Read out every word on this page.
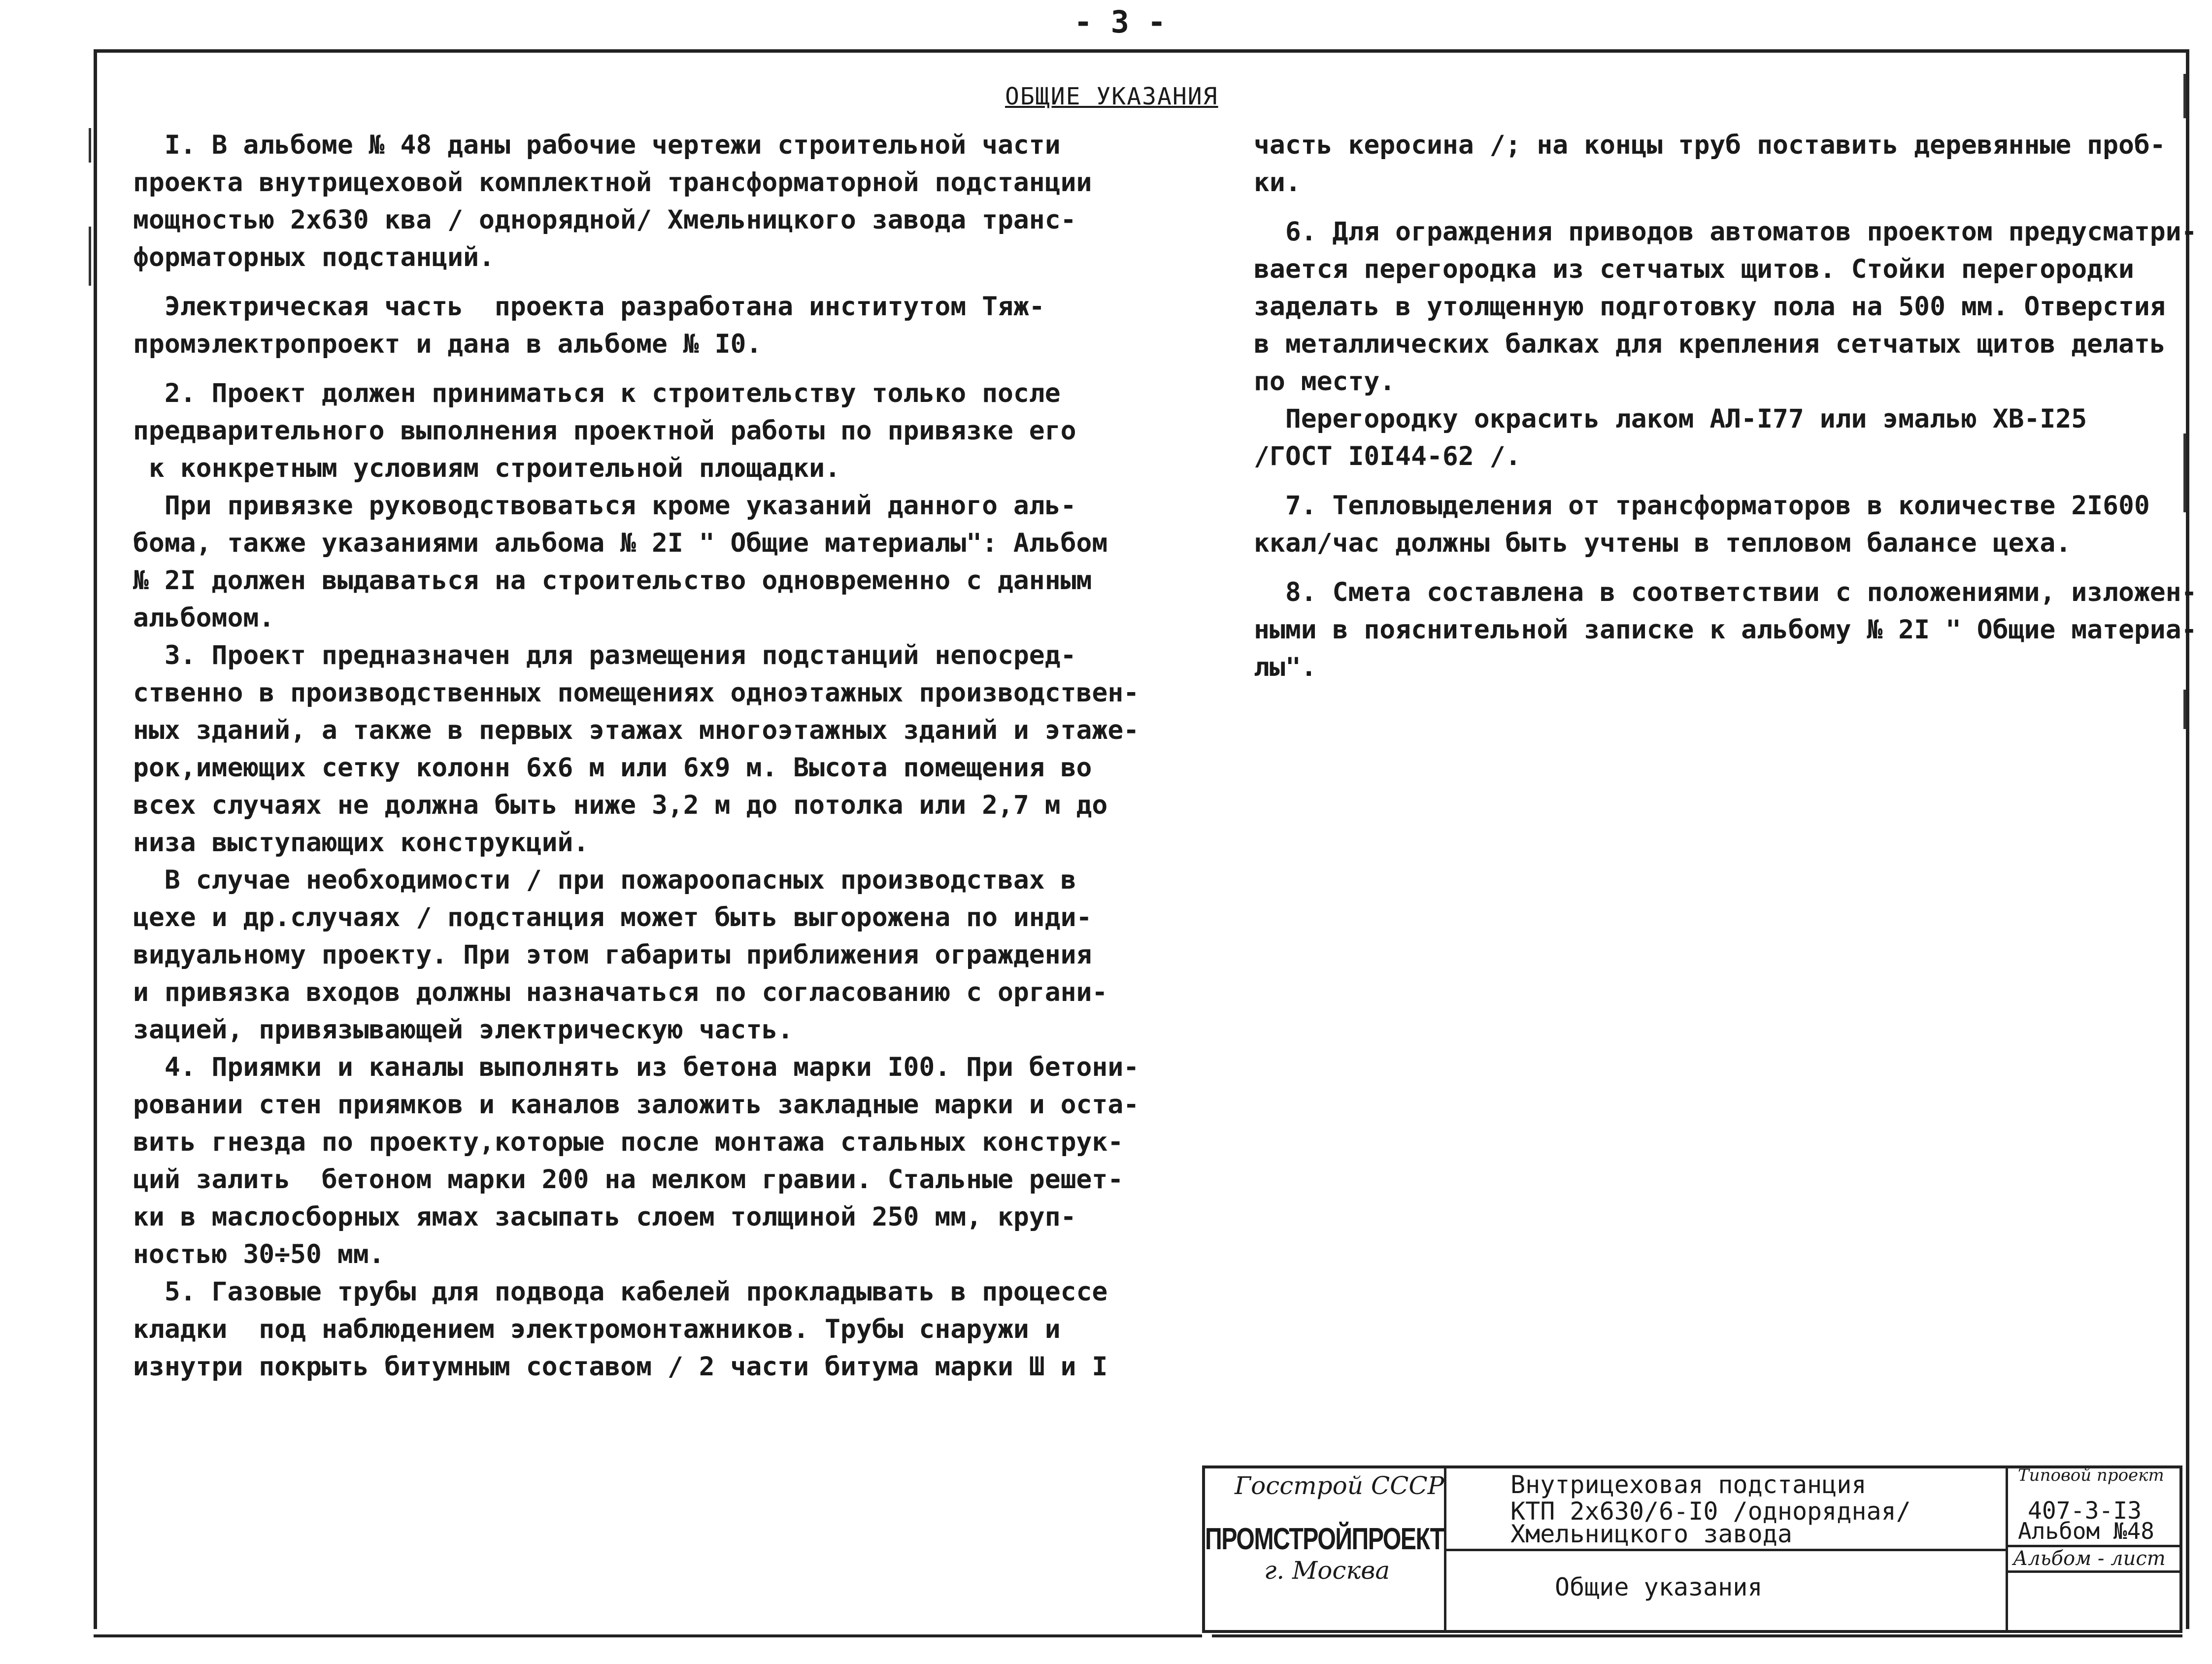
- 3 -
ОБЩИЕ УКАЗАНИЯ
I. В альбоме № 48 даны рабочие чертежи строительной части
проекта внутрицеховой комплектной трансформаторной подстанции
мощностью 2х630 ква / однорядной/ Хмельницкого завода транс-
форматорных подстанций.
Электрическая часть  проекта разработана институтом Тяж-
промэлектропроект и дана в альбоме № I0.
2. Проект должен приниматься к строительству только после
предварительного выполнения проектной работы по привязке его
к конкретным условиям строительной площадки.
При привязке руководствоваться кроме указаний данного аль-
бома, также указаниями альбома № 2I " Общие материалы": Альбом
№ 2I должен выдаваться на строительство одновременно с данным
альбомом.
3. Проект предназначен для размещения подстанций непосред-
ственно в производственных помещениях одноэтажных производствен-
ных зданий, а также в первых этажах многоэтажных зданий и этаже-
рок,имеющих сетку колонн 6х6 м или 6х9 м. Высота помещения во
всех случаях не должна быть ниже 3,2 м до потолка или 2,7 м до
низа выступающих конструкций.
В случае необходимости / при пожароопасных производствах в
цехе и др.случаях / подстанция может быть выгорожена по инди-
видуальному проекту. При этом габариты приближения ограждения
и привязка входов должны назначаться по согласованию с органи-
зацией, привязывающей электрическую часть.
4. Приямки и каналы выполнять из бетона марки I00. При бетони-
ровании стен приямков и каналов заложить закладные марки и оста-
вить гнезда по проекту,которые после монтажа стальных конструк-
ций залить  бетоном марки 200 на мелком гравии. Стальные решет-
ки в маслосборных ямах засыпать слоем толщиной 250 мм, круп-
ностью 30÷50 мм.
5. Газовые трубы для подвода кабелей прокладывать в процессе
кладки  под наблюдением электромонтажников. Трубы снаружи и
изнутри покрыть битумным составом / 2 части битума марки Ш и I
часть керосина /; на концы труб поставить деревянные проб-
ки.
6. Для ограждения приводов автоматов проектом предусматри-
вается перегородка из сетчатых щитов. Стойки перегородки
заделать в утолщенную подготовку пола на 500 мм. Отверстия
в металлических балках для крепления сетчатых щитов делать
по месту.
Перегородку окрасить лаком АЛ-I77 или эмалью ХВ-I25
/ГОСТ I0I44-62 /.
7. Тепловыделения от трансформаторов в количестве 2I600
ккал/час должны быть учтены в тепловом балансе цеха.
8. Смета составлена в соответствии с положениями, изложен-
ными в пояснительной записке к альбому № 2I " Общие материа-
лы".
Госстрой СССР
ПРОМСТРОЙПРОЕКТ
г. Москва
Внутрицеховая подстанция
КТП 2х630/6-I0 /однорядная/
Хмельницкого завода
Общие указания
Типовой проект
407-3-I3
Альбом №48
Альбом - лист
